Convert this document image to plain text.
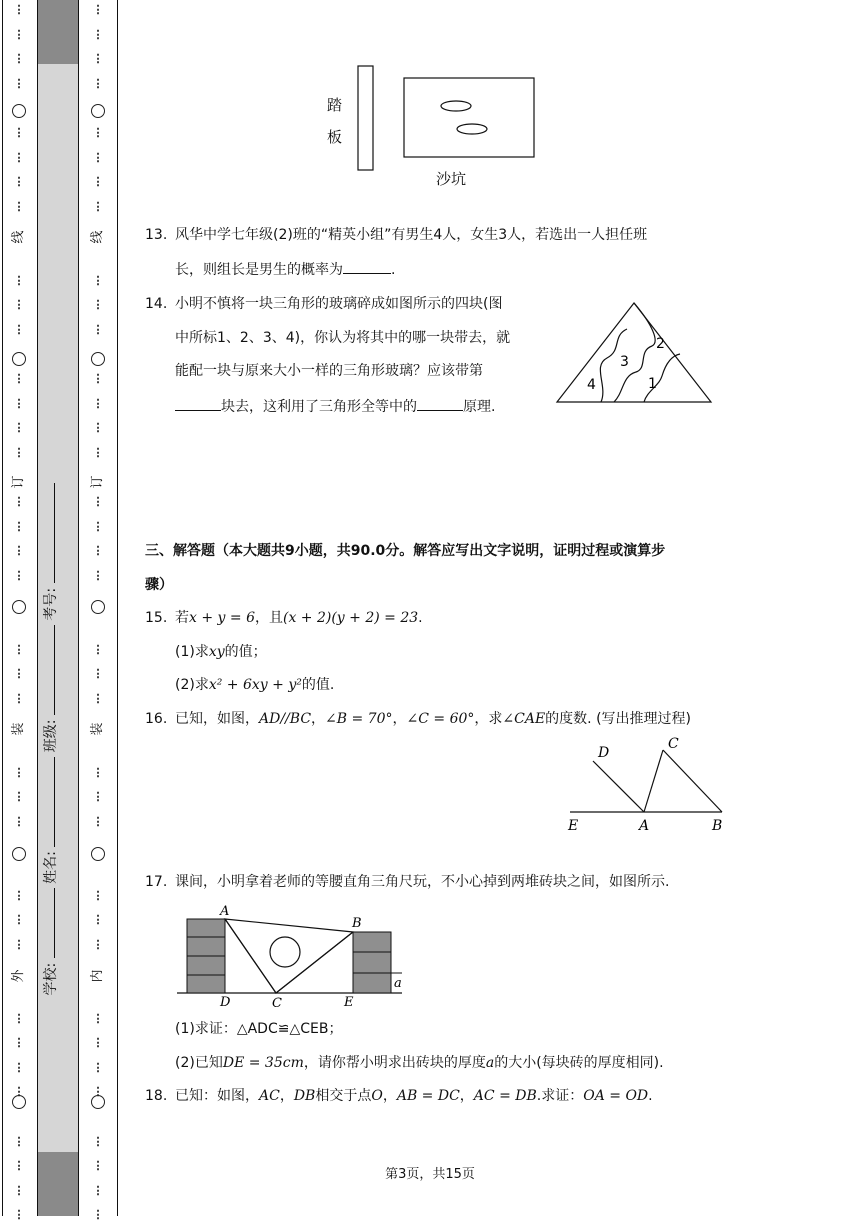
⋮
⋮
⋮
⋮
⋮
⋮
⋮
⋮
⋮
⋮
⋮
⋮
⋮
⋮
⋮
⋮
⋮
⋮
⋮
⋮
⋮
⋮
⋮
⋮
⋮
⋮
⋮
⋮
⋮
⋮
⋮
⋮
⋮
⋮
⋮
⋮
线
订
装
外
⋮
⋮
⋮
⋮
⋮
⋮
⋮
⋮
⋮
⋮
⋮
⋮
⋮
⋮
⋮
⋮
⋮
⋮
⋮
⋮
⋮
⋮
⋮
⋮
⋮
⋮
⋮
⋮
⋮
⋮
⋮
⋮
⋮
⋮
⋮
⋮
线
订
装
内
学校:  姓名:  班级:  考号:
踏
板
沙坑
13. 风华中学七年级(2)班的“精英小组”有男生4人，女生3人，若选出一人担任班
长，则组长是男生的概率为	.
14. 小明不慎将一块三角形的玻璃碎成如图所示的四块(图
中所标1、2、3、4)，你认为将其中的哪一块带去，就
能配一块与原来大小一样的三角形玻璃？应该带第
块去，这利用了三角形全等中的	原理.
1
2
3
4
三、解答题（本大题共9小题，共90.0分。解答应写出文字说明，证明过程或演算步
骤）
15. 若x + y = 6，且(x + 2)(y + 2) = 23.
(1)求xy的值；
(2)求x² + 6xy + y²的值.
16. 已知，如图，AD//BC，∠B = 70°，∠C = 60°，求∠CAE的度数. (写出推理过程)
D
C
E	A	B
17. 课间，小明拿着老师的等腰直角三角尺玩，不小心掉到两堆砖块之间，如图所示.
A
B
C
D	E
a
(1)求证：△ADC≌△CEB；
(2)已知DE = 35cm，请你帮小明求出砖块的厚度a的大小(每块砖的厚度相同).
18. 已知：如图，AC，DB相交于点O，AB = DC，AC = DB.求证：OA = OD.
第3页，共15页
